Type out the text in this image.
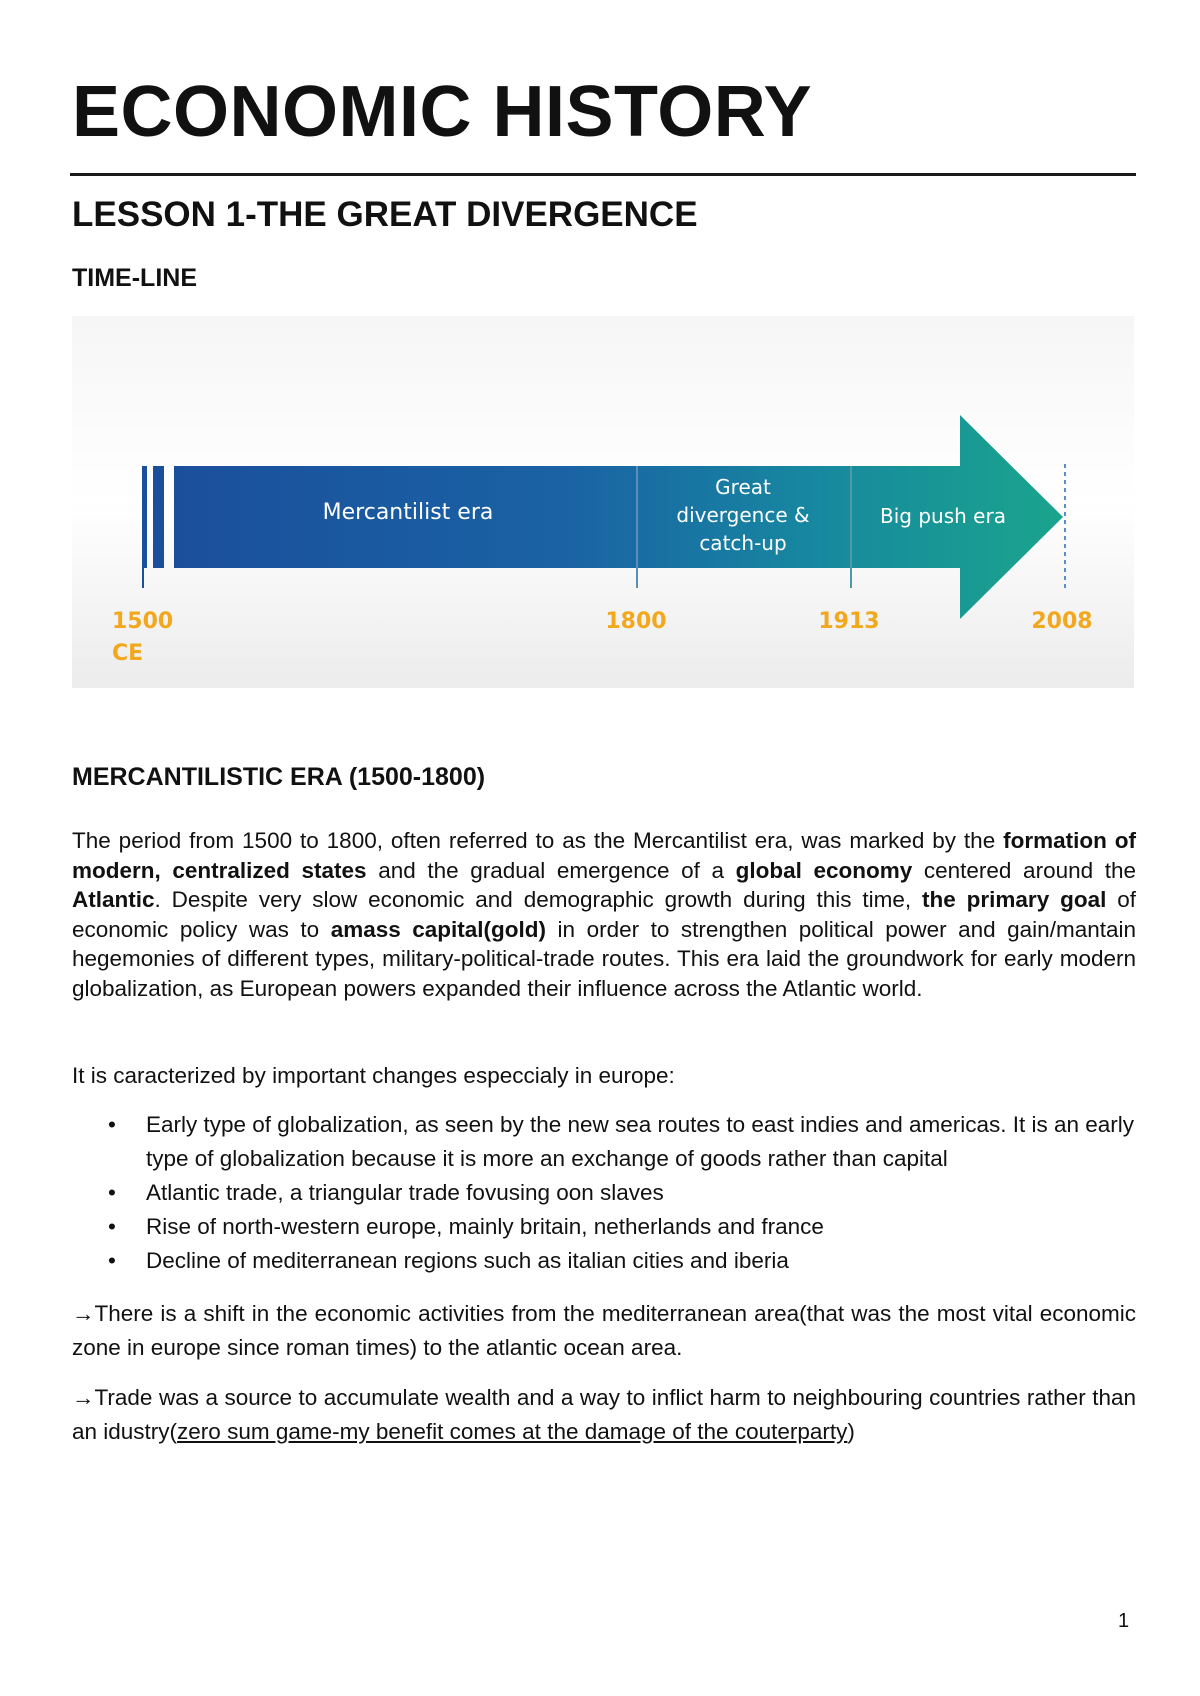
ECONOMIC HISTORY
LESSON 1-THE GREAT DIVERGENCE
TIME-LINE
Mercantilist era
Great
divergence &
catch-up
Big push era
1500
CE
1800	1913	2008
MERCANTILISTIC ERA (1500-1800)

The period from 1500 to 1800, often referred to as the Mercantilist era, was marked by the formation of modern, centralized states and the gradual emergence of a global economy centered around the Atlantic. Despite very slow economic and demographic growth during this time, the primary goal of economic policy was to amass capital(gold) in order to strengthen political power and gain/mantain hegemonies of different types, military-political-trade routes. This era laid the groundwork for early modern globalization, as European powers expanded their influence across the Atlantic world.

It is caracterized by important changes especcialy in europe:

• Early type of globalization, as seen by the new sea routes to east indies and americas. It is an early type of globalization because it is more an exchange of goods rather than capital
• Atlantic trade, a triangular trade fovusing oon slaves
• Rise of north-western europe, mainly britain, netherlands and france
• Decline of mediterranean regions such as italian cities and iberia

→There is a shift in the economic activities from the mediterranean area(that was the most vital economic zone in europe since roman times) to the atlantic ocean area.

→Trade was a source to accumulate wealth and a way to inflict harm to neighbouring countries rather than an idustry(zero sum game-my benefit comes at the damage of the couterparty)

1
